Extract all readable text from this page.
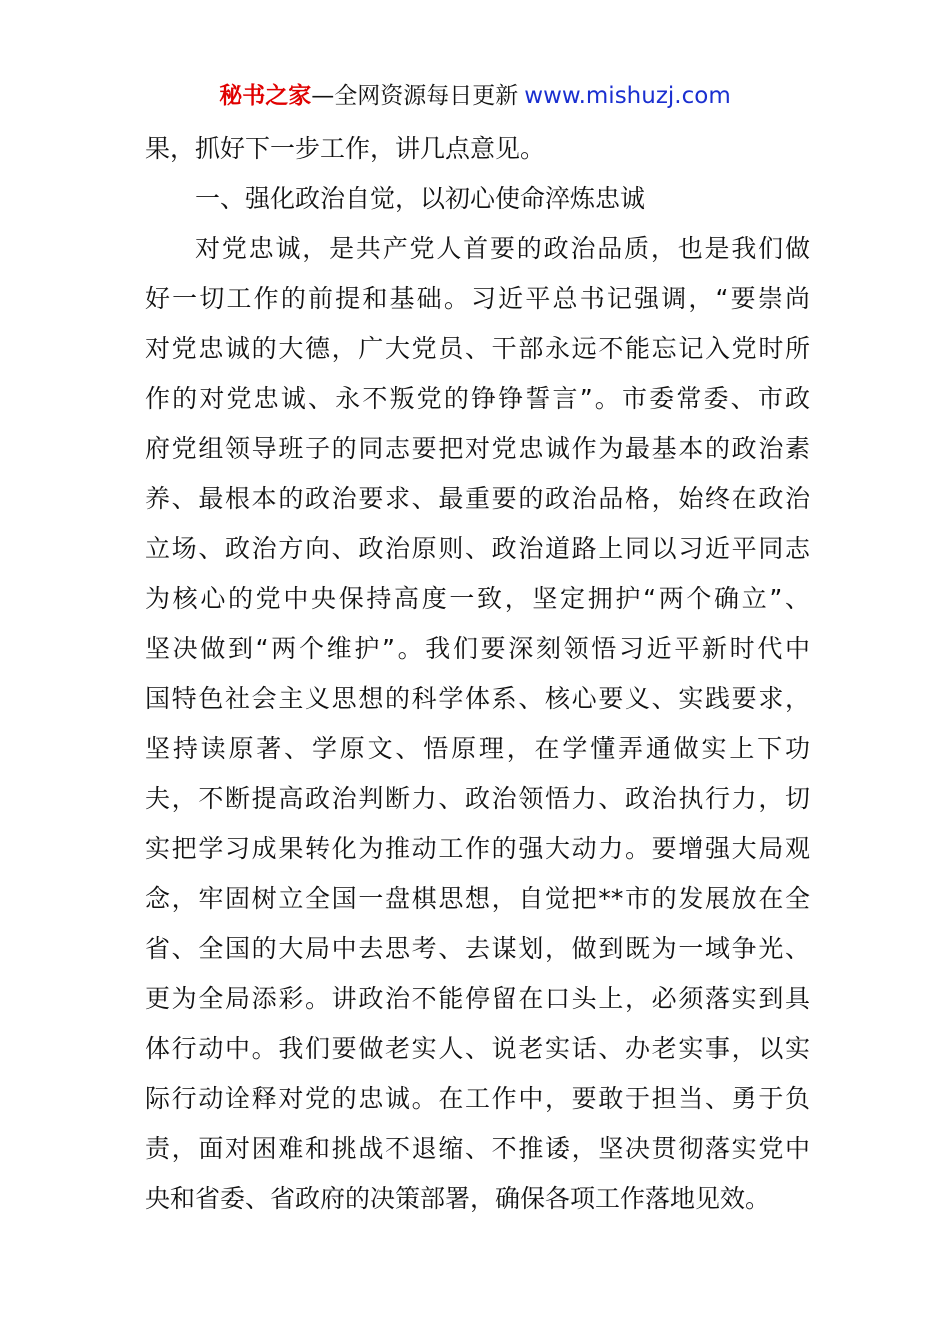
秘书之家—全网资源每日更新 www.mishuzj.com
果，抓好下一步工作，讲几点意见。
一、强化政治自觉，以初心使命淬炼忠诚
对党忠诚，是共产党人首要的政治品质，也是我们做
好一切工作的前提和基础。习近平总书记强调，“要崇尚
对党忠诚的大德，广大党员、干部永远不能忘记入党时所
作的对党忠诚、永不叛党的铮铮誓言”。市委常委、市政
府党组领导班子的同志要把对党忠诚作为最基本的政治素
养、最根本的政治要求、最重要的政治品格，始终在政治
立场、政治方向、政治原则、政治道路上同以习近平同志
为核心的党中央保持高度一致，坚定拥护“两个确立”、
坚决做到“两个维护”。我们要深刻领悟习近平新时代中
国特色社会主义思想的科学体系、核心要义、实践要求，
坚持读原著、学原文、悟原理，在学懂弄通做实上下功
夫，不断提高政治判断力、政治领悟力、政治执行力，切
实把学习成果转化为推动工作的强大动力。要增强大局观
念，牢固树立全国一盘棋思想，自觉把**市的发展放在全
省、全国的大局中去思考、去谋划，做到既为一域争光、
更为全局添彩。讲政治不能停留在口头上，必须落实到具
体行动中。我们要做老实人、说老实话、办老实事，以实
际行动诠释对党的忠诚。在工作中，要敢于担当、勇于负
责，面对困难和挑战不退缩、不推诿，坚决贯彻落实党中
央和省委、省政府的决策部署，确保各项工作落地见效。
